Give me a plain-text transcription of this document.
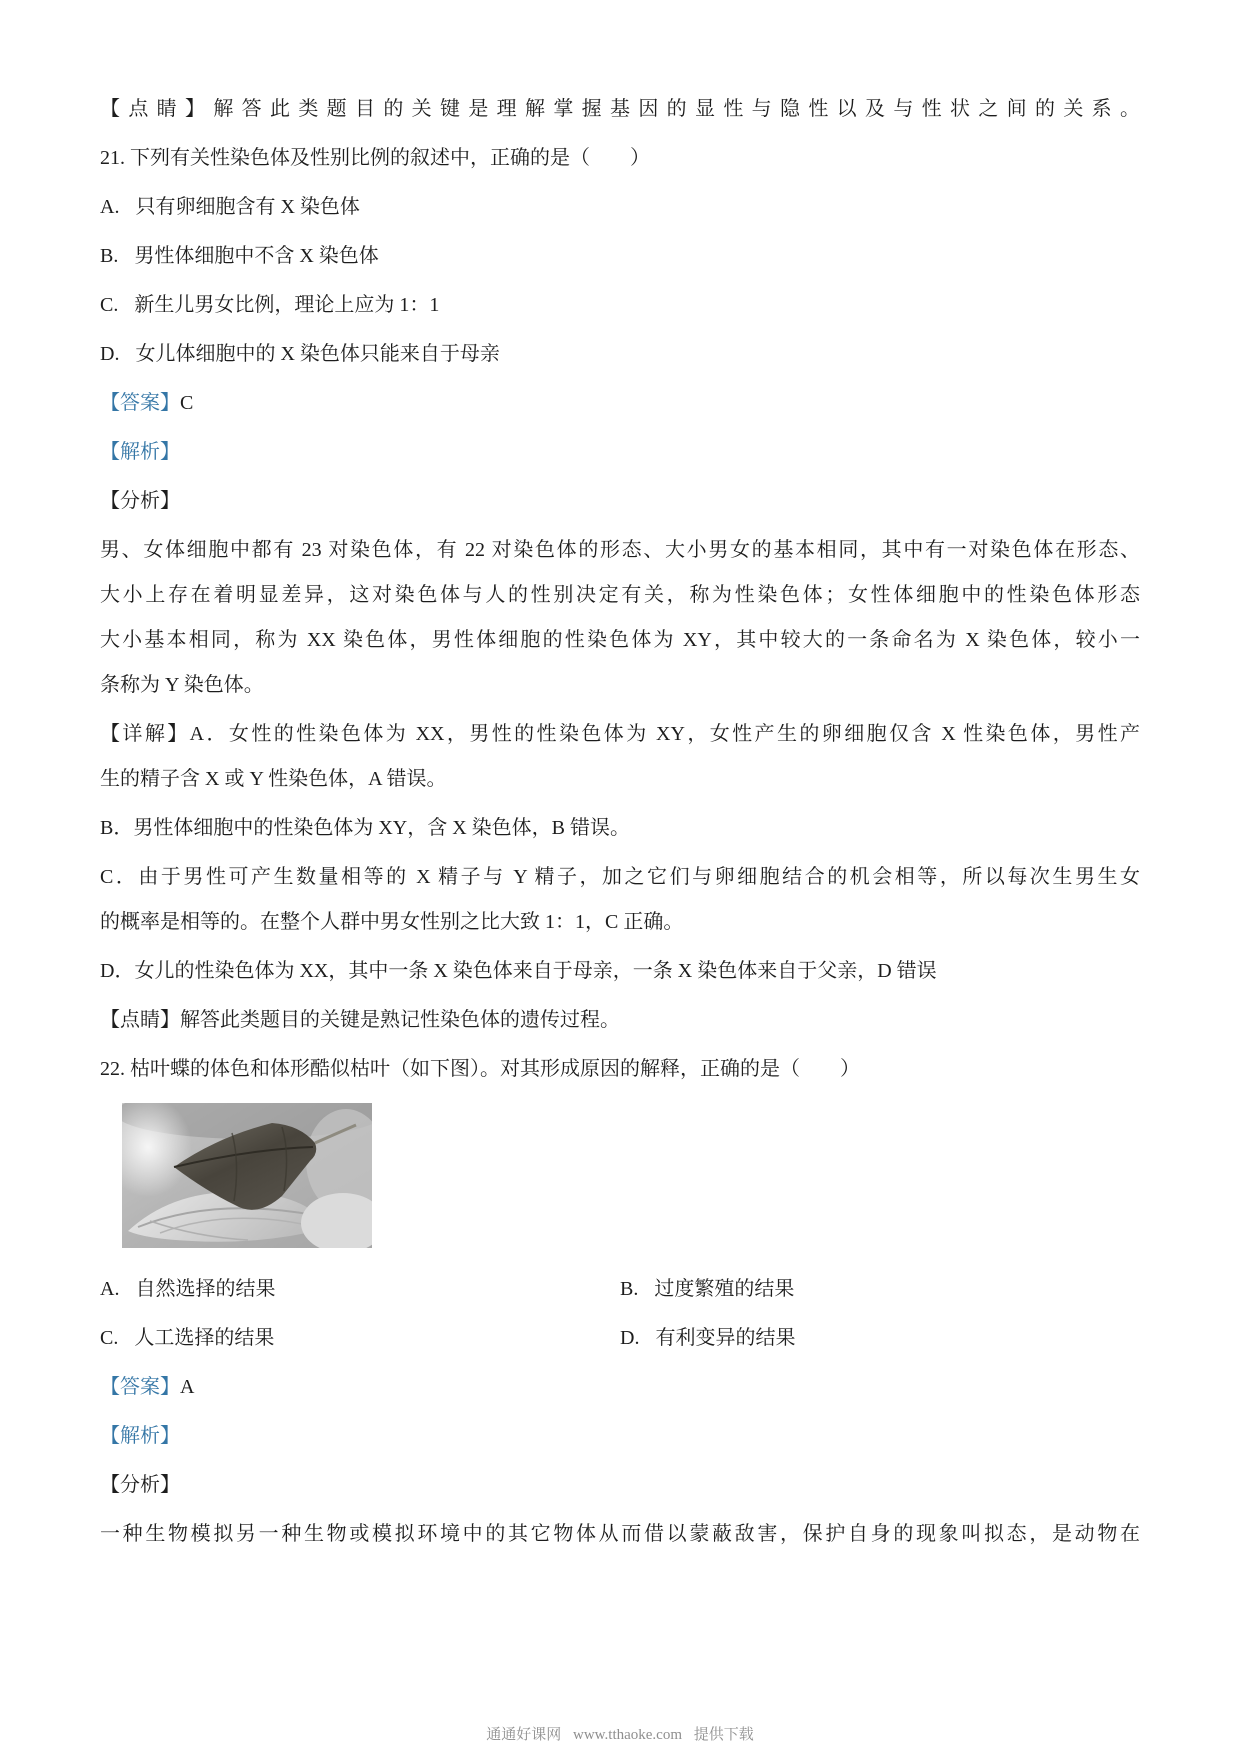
【点睛】解答此类题目的关键是理解掌握基因的显性与隐性以及与性状之间的关系。
21. 下列有关性染色体及性别比例的叙述中，正确的是（　　）
A. 只有卵细胞含有 X 染色体
B. 男性体细胞中不含 X 染色体
C. 新生儿男女比例，理论上应为 1：1
D. 女儿体细胞中的 X 染色体只能来自于母亲
【答案】C
【解析】
【分析】
男、女体细胞中都有 23 对染色体，有 22 对染色体的形态、大小男女的基本相同，其中有一对染色体在形态、
大小上存在着明显差异，这对染色体与人的性别决定有关，称为性染色体；女性体细胞中的性染色体形态
大小基本相同，称为 XX 染色体，男性体细胞的性染色体为 XY，其中较大的一条命名为 X 染色体，较小一
条称为 Y 染色体。
【详解】A．女性的性染色体为 XX，男性的性染色体为 XY，女性产生的卵细胞仅含 X 性染色体，男性产
生的精子含 X 或 Y 性染色体，A 错误。
B．男性体细胞中的性染色体为 XY，含 X 染色体，B 错误。
C．由于男性可产生数量相等的 X 精子与 Y 精子，加之它们与卵细胞结合的机会相等，所以每次生男生女
的概率是相等的。在整个人群中男女性别之比大致 1：1，C 正确。
D．女儿的性染色体为 XX，其中一条 X 染色体来自于母亲，一条 X 染色体来自于父亲，D 错误
【点睛】解答此类题目的关键是熟记性染色体的遗传过程。
22. 枯叶蝶的体色和体形酷似枯叶（如下图）。对其形成原因的解释，正确的是（　　）
A. 自然选择的结果	B. 过度繁殖的结果
C. 人工选择的结果	D. 有利变异的结果
【答案】A
【解析】
【分析】
一种生物模拟另一种生物或模拟环境中的其它物体从而借以蒙蔽敌害，保护自身的现象叫拟态，是动物在
通通好课网 www.tthaoke.com 提供下载
